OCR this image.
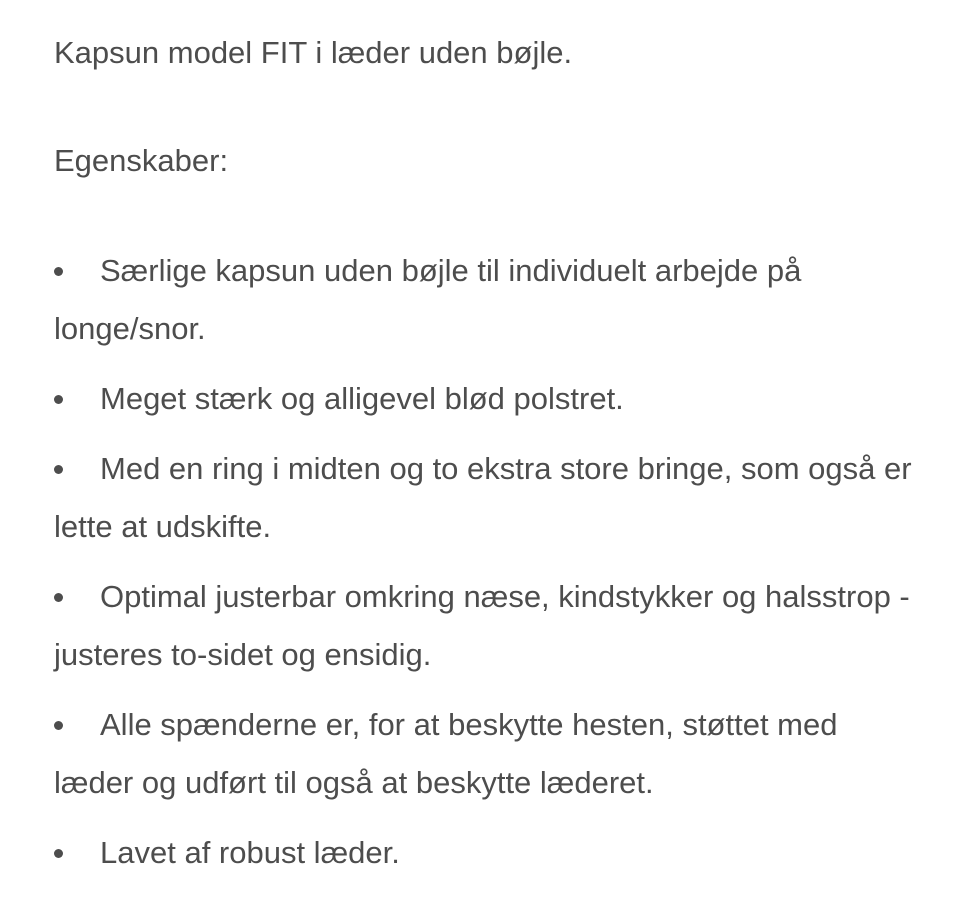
Kapsun model FIT i læder uden bøjle.

Egenskaber:

Særlige kapsun uden bøjle til individuelt arbejde på longe/snor.
Meget stærk og alligevel blød polstret.
Med en ring i midten og to ekstra store bringe, som også er lette at udskifte.
Optimal justerbar omkring næse, kindstykker og halsstrop - justeres to-sidet og ensidig.
Alle spænderne er, for at beskytte hesten, støttet med læder og udført til også at beskytte læderet.
Lavet af robust læder.
